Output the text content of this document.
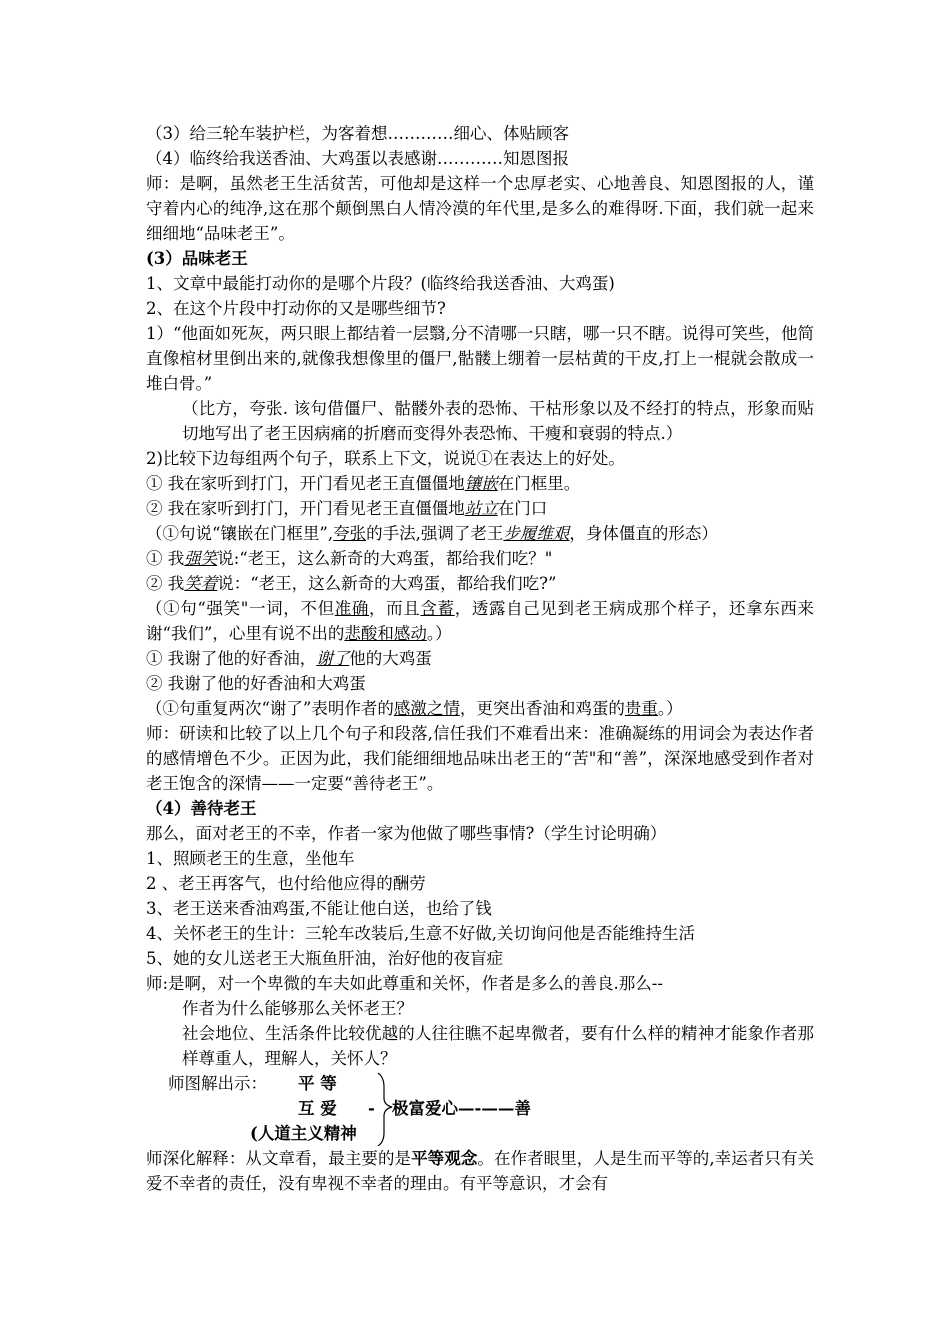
（3）给三轮车装护栏，为客着想…………细心、体贴顾客
（4）临终给我送香油、大鸡蛋以表感谢…………知恩图报
师：是啊，虽然老王生活贫苦，可他却是这样一个忠厚老实、心地善良、知恩图报的人，谨守着内心的纯净,这在那个颠倒黑白人情冷漠的年代里,是多么的难得呀.下面，我们就一起来细细地“品味老王”。
(3）品味老王
1、文章中最能打动你的是哪个片段？(临终给我送香油、大鸡蛋)
2、在这个片段中打动你的又是哪些细节?
1）“他面如死灰，两只眼上都结着一层翳,分不清哪一只瞎，哪一只不瞎。说得可笑些，他简直像棺材里倒出来的,就像我想像里的僵尸,骷髅上绷着一层枯黄的干皮,打上一棍就会散成一堆白骨。”
（比方，夸张. 该句借僵尸、骷髅外表的恐怖、干枯形象以及不经打的特点，形象而贴切地写出了老王因病痛的折磨而变得外表恐怖、干瘦和衰弱的特点.）
2)比较下边每组两个句子，联系上下文，说说①在表达上的好处。
① 我在家听到打门，开门看见老王直僵僵地镶嵌在门框里。
② 我在家听到打门，开门看见老王直僵僵地站立在门口
（①句说“镶嵌在门框里”,夸张的手法,强调了老王步履维艰，身体僵直的形态）
① 我强笑说:“老王，这么新奇的大鸡蛋，都给我们吃？"
② 我笑着说：“老王，这么新奇的大鸡蛋，都给我们吃?”
（①句“强笑"一词，不但准确，而且含蓄，透露自己见到老王病成那个样子，还拿东西来谢“我们”，心里有说不出的悲酸和感动。）
① 我谢了他的好香油，谢了他的大鸡蛋
② 我谢了他的好香油和大鸡蛋
（①句重复两次“谢了”表明作者的感激之情，更突出香油和鸡蛋的贵重。）
师：研读和比较了以上几个句子和段落,信任我们不难看出来：准确凝练的用词会为表达作者的感情增色不少。正因为此，我们能细细地品味出老王的“苦"和“善”，深深地感受到作者对老王饱含的深情——一定要“善待老王”。
（4）善待老王
那么，面对老王的不幸，作者一家为他做了哪些事情?（学生讨论明确）
1、照顾老王的生意，坐他车
2 、老王再客气，也付给他应得的酬劳
3、老王送来香油鸡蛋,不能让他白送，也给了钱
4、关怀老王的生计：三轮车改装后,生意不好做,关切询问他是否能维持生活
5、她的女儿送老王大瓶鱼肝油，治好他的夜盲症
师:是啊，对一个卑微的车夫如此尊重和关怀，作者是多么的善良.那么--
作者为什么能够那么关怀老王？
社会地位、生活条件比较优越的人往往瞧不起卑微者，要有什么样的精神才能象作者那样尊重人，理解人，关怀人？
师图解出示： 平 等
互 爱 - 极富爱心—-——善
(人道主义精神
师深化解释：从文章看，最主要的是平等观念。在作者眼里，人是生而平等的,幸运者只有关爱不幸者的责任，没有卑视不幸者的理由。有平等意识，才会有
